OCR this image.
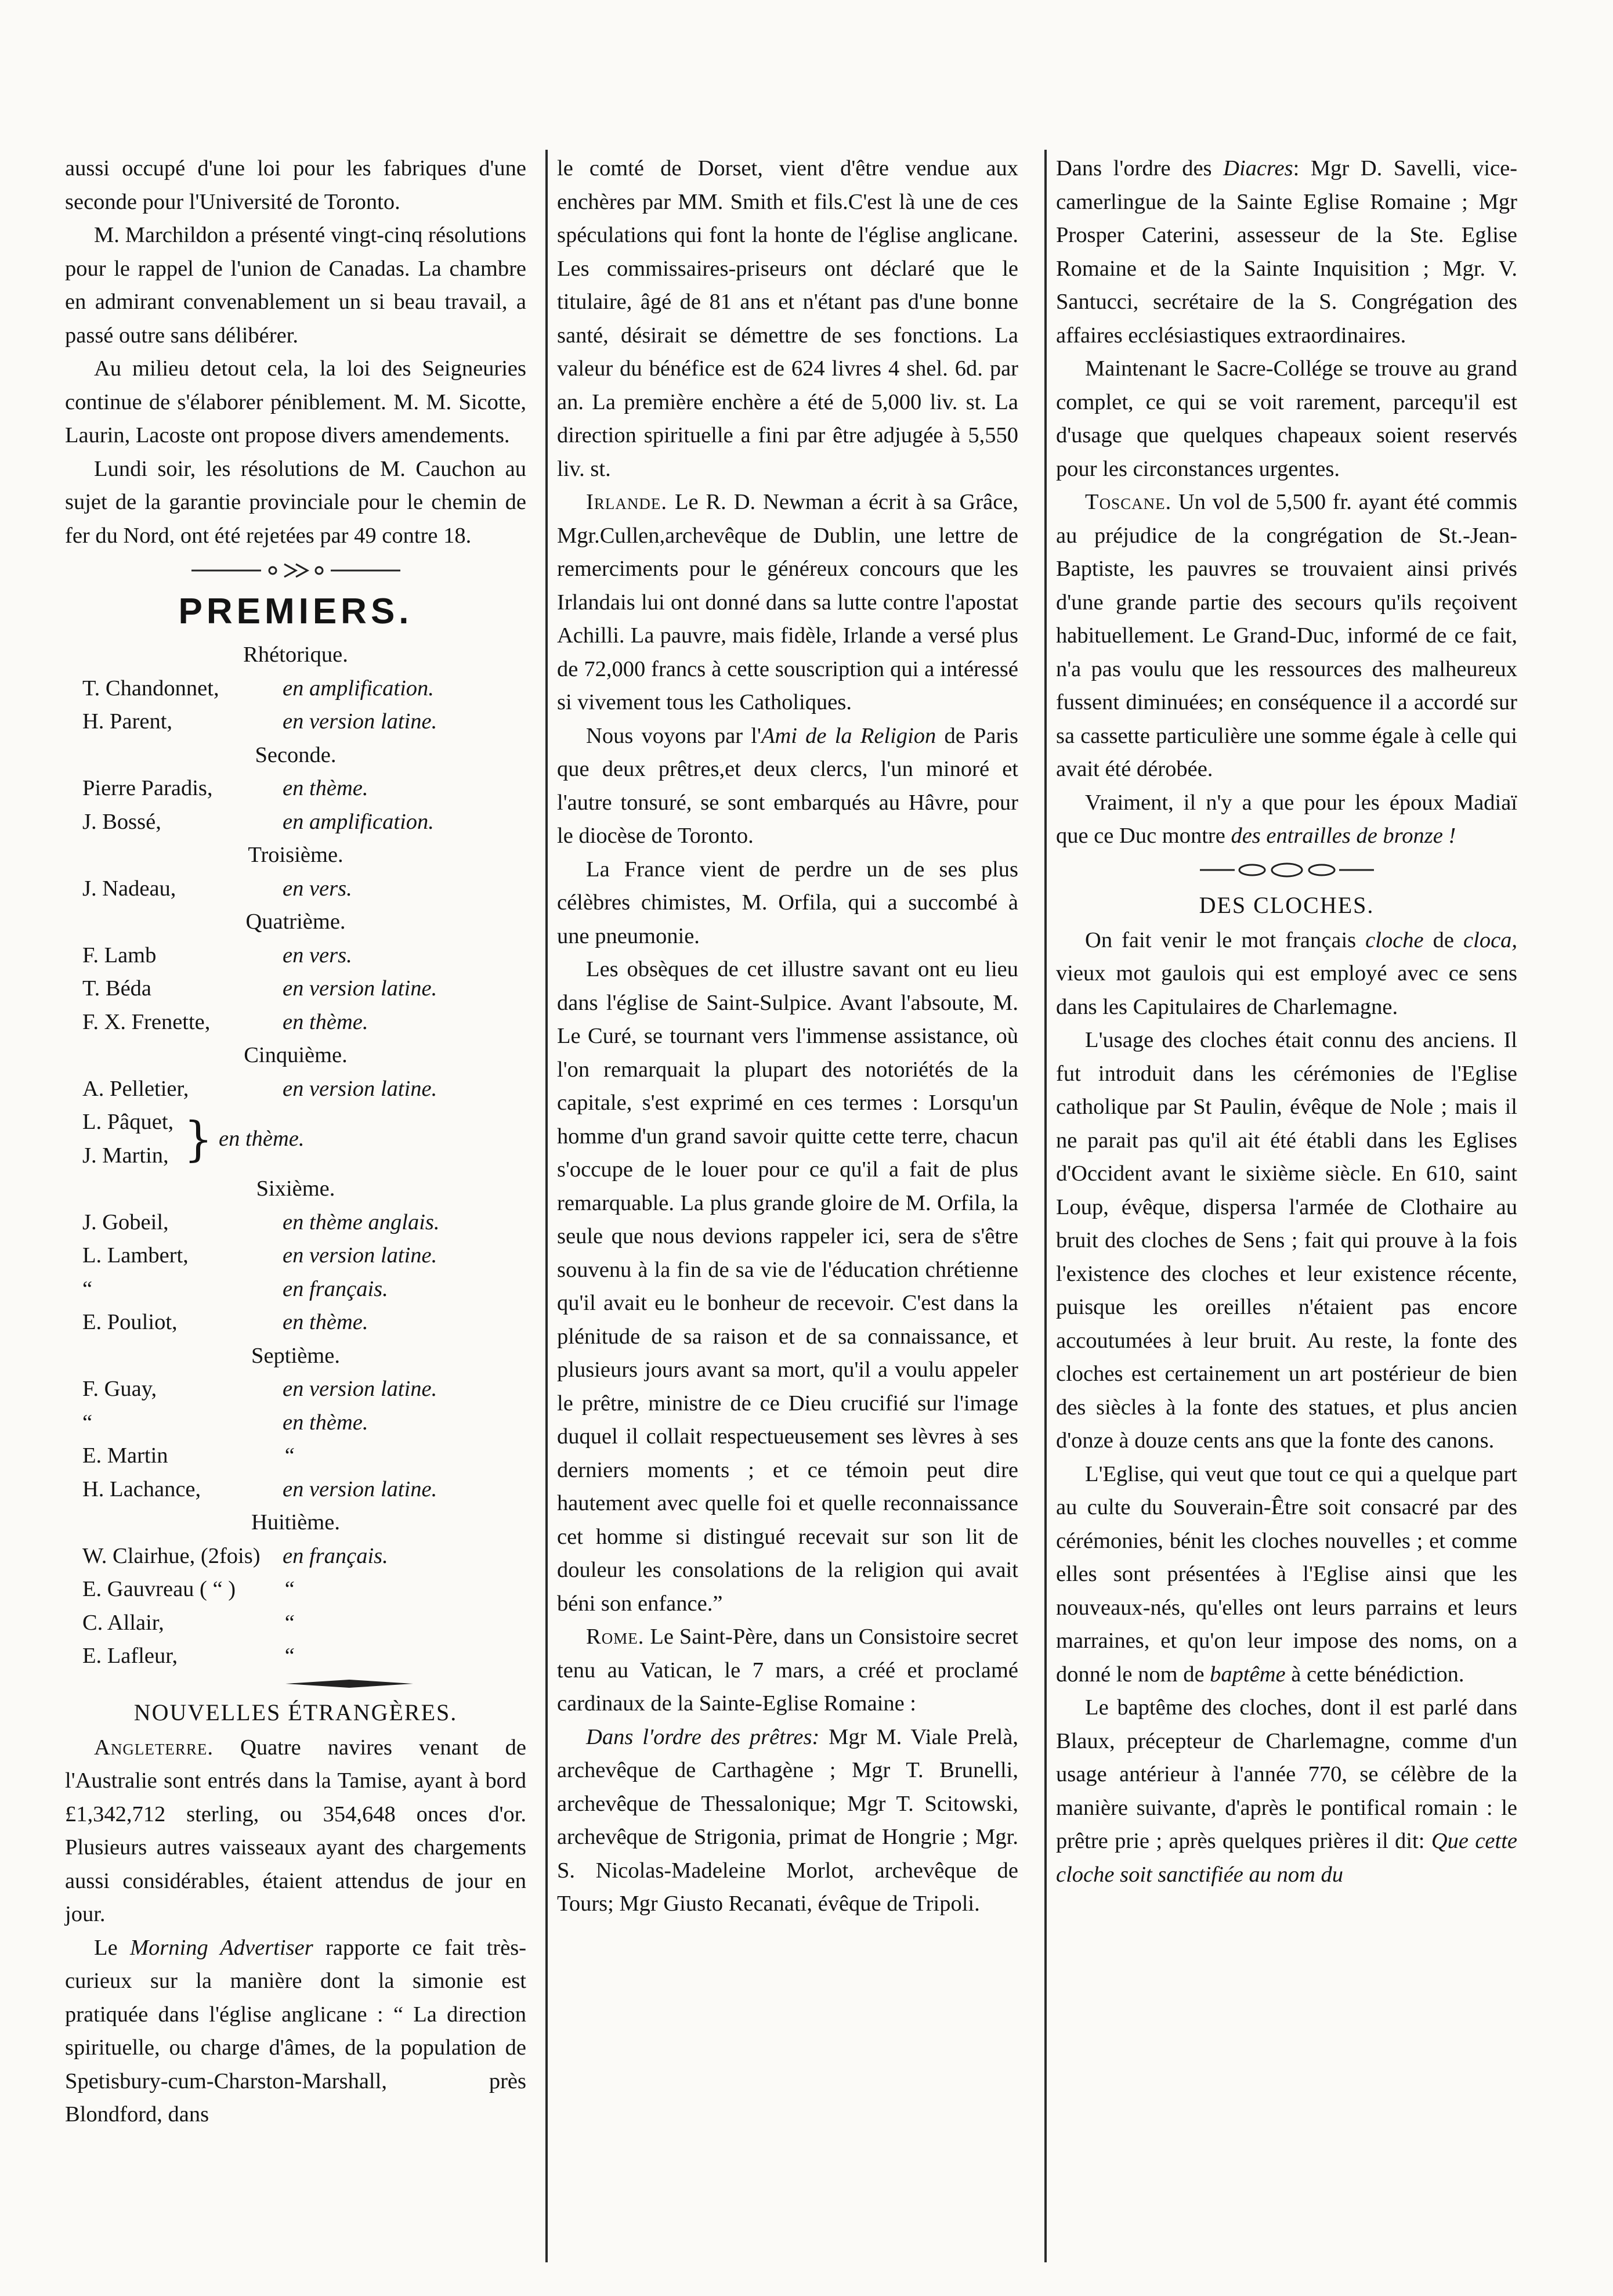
aussi occupé d'une loi pour les fabriques d'une seconde pour l'Université de Toronto.

M. Marchildon a présenté vingt-cinq résolutions pour le rappel de l'union de Canadas. La chambre en admirant convenablement un si beau travail, a passé outre sans délibérer.

Au milieu detout cela, la loi des Seigneuries continue de s'élaborer péniblement. M. M. Sicotte, Laurin, Lacoste ont propose divers amendements.

Lundi soir, les résolutions de M. Cauchon au sujet de la garantie provinciale pour le chemin de fer du Nord, ont été rejetées par 49 contre 18.

PREMIERS.
Rhétorique.
T. Chandonnet,	en amplification.
H. Parent,	en version latine.
Seconde.
Pierre Paradis,	en thème.
J. Bossé,	en amplification.
Troisième.
J. Nadeau,	en vers.
Quatrième.
F. Lamb	en vers.
T. Béda	en version latine.
F. X. Frenette,	en thème.
Cinquième.
A. Pelletier,	en version latine.
L. Pâquet,
J. Martin, } en thème.
Sixième.
J. Gobeil,	en thème anglais.
L. Lambert,	en version latine.
“	en français.
E. Pouliot,	en thème.
Septième.
F. Guay,	en version latine.
“	en thème.
E. Martin	“
H. Lachance,	en version latine.
Huitième.
W. Clairhue, (2fois) en français.
E. Gauvreau ( “ )	“
C. Allair,	“
E. Lafleur,	“
NOUVELLES ÉTRANGÈRES.

Angleterre. Quatre navires venant de l'Australie sont entrés dans la Tamise, ayant à bord £1,342,712 sterling, ou 354,648 onces d'or. Plusieurs autres vaisseaux ayant des chargements aussi considérables, étaient attendus de jour en jour.

Le Morning Advertiser rapporte ce fait très-curieux sur la manière dont la simonie est pratiquée dans l'église anglicane : “ La direction spirituelle, ou charge d'âmes, de la population de Spetisbury-cum-Charston-Marshall, près Blondford, dans

le comté de Dorset, vient d'être vendue aux enchères par MM. Smith et fils.C'est là une de ces spéculations qui font la honte de l'église anglicane. Les commissaires-priseurs ont déclaré que le titulaire, âgé de 81 ans et n'étant pas d'une bonne santé, désirait se démettre de ses fonctions. La valeur du bénéfice est de 624 livres 4 shel. 6d. par an. La première enchère a été de 5,000 liv. st. La direction spirituelle a fini par être adjugée à 5,550 liv. st.

Irlande. Le R. D. Newman a écrit à sa Grâce, Mgr.Cullen,archevêque de Dublin, une lettre de remerciments pour le généreux concours que les Irlandais lui ont donné dans sa lutte contre l'apostat Achilli. La pauvre, mais fidèle, Irlande a versé plus de 72,000 francs à cette souscription qui a intéressé si vivement tous les Catholiques.

Nous voyons par l'Ami de la Religion de Paris que deux prêtres,et deux clercs, l'un minoré et l'autre tonsuré, se sont embarqués au Hâvre, pour le diocèse de Toronto.

La France vient de perdre un de ses plus célèbres chimistes, M. Orfila, qui a succombé à une pneumonie.

Les obsèques de cet illustre savant ont eu lieu dans l'église de Saint-Sulpice. Avant l'absoute, M. Le Curé, se tournant vers l'immense assistance, où l'on remarquait la plupart des notoriétés de la capitale, s'est exprimé en ces termes : Lorsqu'un homme d'un grand savoir quitte cette terre, chacun s'occupe de le louer pour ce qu'il a fait de plus remarquable. La plus grande gloire de M. Orfila, la seule que nous devions rappeler ici, sera de s'être souvenu à la fin de sa vie de l'éducation chrétienne qu'il avait eu le bonheur de recevoir. C'est dans la plénitude de sa raison et de sa connaissance, et plusieurs jours avant sa mort, qu'il a voulu appeler le prêtre, ministre de ce Dieu crucifié sur l'image duquel il collait respectueusement ses lèvres à ses derniers moments ; et ce témoin peut dire hautement avec quelle foi et quelle reconnaissance cet homme si distingué recevait sur son lit de douleur les consolations de la religion qui avait béni son enfance.”

Rome. Le Saint-Père, dans un Consistoire secret tenu au Vatican, le 7 mars, a créé et proclamé cardinaux de la Sainte-Eglise Romaine :

Dans l'ordre des prêtres: Mgr M. Viale Prelà, archevêque de Carthagène ; Mgr T. Brunelli, archevêque de Thessalonique; Mgr T. Scitowski, archevêque de Strigonia, primat de Hongrie ; Mgr. S. Nicolas-Madeleine Morlot, archevêque de Tours; Mgr Giusto Recanati, évêque de Tripoli.

Dans l'ordre des Diacres: Mgr D. Savelli, vice-camerlingue de la Sainte Eglise Romaine ; Mgr Prosper Caterini, assesseur de la Ste. Eglise Romaine et de la Sainte Inquisition ; Mgr. V. Santucci, secrétaire de la S. Congrégation des affaires ecclésiastiques extraordinaires.

Maintenant le Sacre-Collége se trouve au grand complet, ce qui se voit rarement, parcequ'il est d'usage que quelques chapeaux soient reservés pour les circonstances urgentes.

Toscane. Un vol de 5,500 fr. ayant été commis au préjudice de la congrégation de St.-Jean-Baptiste, les pauvres se trouvaient ainsi privés d'une grande partie des secours qu'ils reçoivent habituellement. Le Grand-Duc, informé de ce fait, n'a pas voulu que les ressources des malheureux fussent diminuées; en conséquence il a accordé sur sa cassette particulière une somme égale à celle qui avait été dérobée.

Vraiment, il n'y a que pour les époux Madiaï que ce Duc montre des entrailles de bronze !

DES CLOCHES.

On fait venir le mot français cloche de cloca, vieux mot gaulois qui est employé avec ce sens dans les Capitulaires de Charlemagne.

L'usage des cloches était connu des anciens. Il fut introduit dans les cérémonies de l'Eglise catholique par St Paulin, évêque de Nole ; mais il ne parait pas qu'il ait été établi dans les Eglises d'Occident avant le sixième siècle. En 610, saint Loup, évêque, dispersa l'armée de Clothaire au bruit des cloches de Sens ; fait qui prouve à la fois l'existence des cloches et leur existence récente, puisque les oreilles n'étaient pas encore accoutumées à leur bruit. Au reste, la fonte des cloches est certainement un art postérieur de bien des siècles à la fonte des statues, et plus ancien d'onze à douze cents ans que la fonte des canons.

L'Eglise, qui veut que tout ce qui a quelque part au culte du Souverain-Être soit consacré par des cérémonies, bénit les cloches nouvelles ; et comme elles sont présentées à l'Eglise ainsi que les nouveaux-nés, qu'elles ont leurs parrains et leurs marraines, et qu'on leur impose des noms, on a donné le nom de baptême à cette bénédiction.

Le baptême des cloches, dont il est parlé dans Blaux, précepteur de Charlemagne, comme d'un usage antérieur à l'année 770, se célèbre de la manière suivante, d'après le pontifical romain : le prêtre prie ; après quelques prières il dit: Que cette cloche soit sanctifiée au nom du
